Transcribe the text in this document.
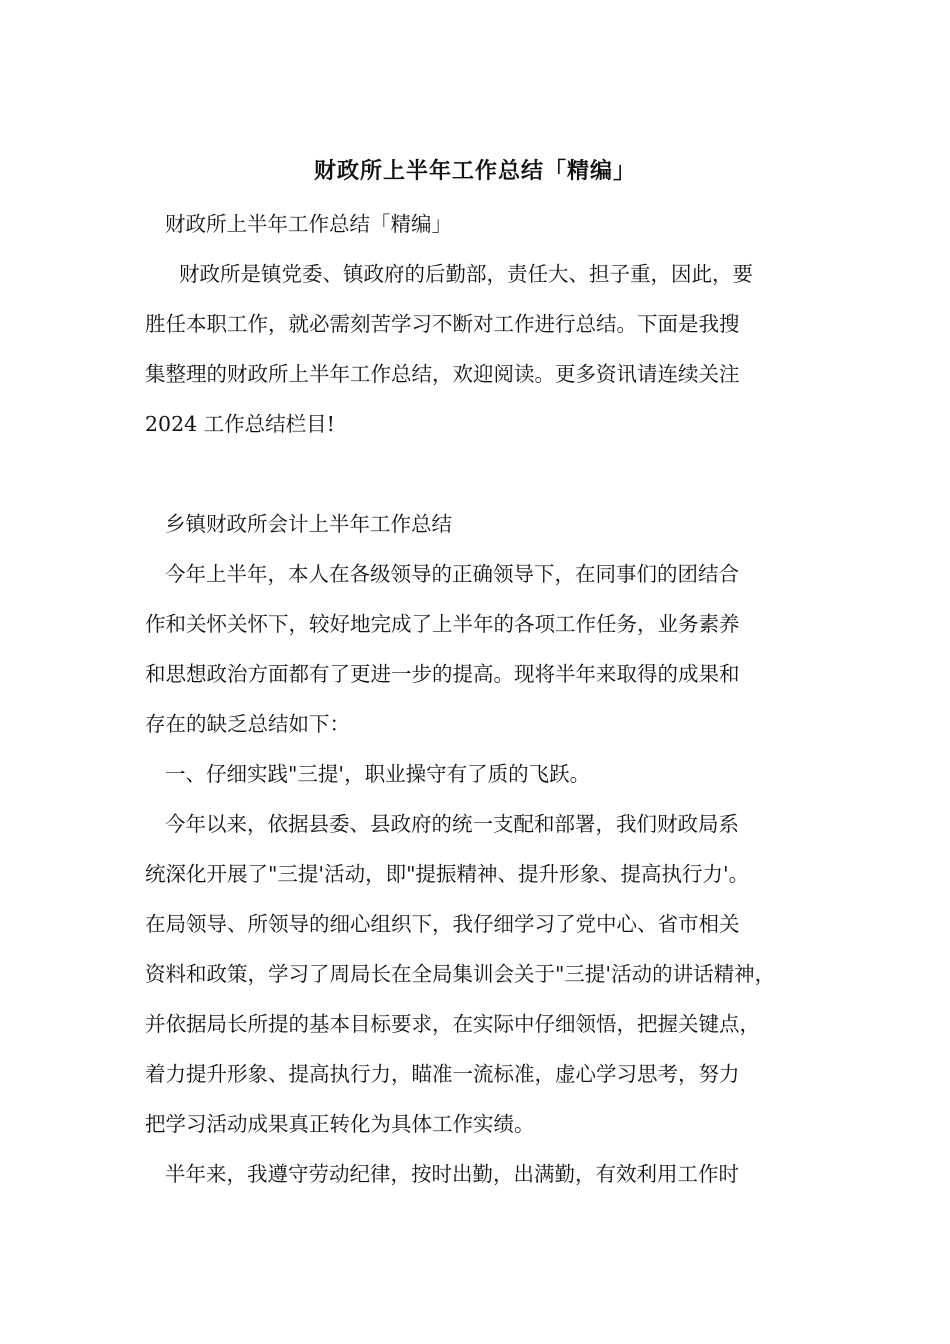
财政所上半年工作总结「精编」

财政所上半年工作总结「精编」

财政所是镇党委、镇政府的后勤部，责任大、担子重，因此，要

胜任本职工作，就必需刻苦学习不断对工作进行总结。下面是我搜

集整理的财政所上半年工作总结，欢迎阅读。更多资讯请连续关注

2024 工作总结栏目!

乡镇财政所会计上半年工作总结

今年上半年，本人在各级领导的正确领导下，在同事们的团结合

作和关怀关怀下，较好地完成了上半年的各项工作任务，业务素养

和思想政治方面都有了更进一步的提高。现将半年来取得的成果和

存在的缺乏总结如下：

一、仔细实践"三提'，职业操守有了质的飞跃。

今年以来，依据县委、县政府的统一支配和部署，我们财政局系

统深化开展了"三提'活动，即"提振精神、提升形象、提高执行力'。

在局领导、所领导的细心组织下，我仔细学习了党中心、省市相关

资料和政策，学习了周局长在全局集训会关于"三提'活动的讲话精神，

并依据局长所提的基本目标要求，在实际中仔细领悟，把握关键点，

着力提升形象、提高执行力，瞄准一流标准，虚心学习思考，努力

把学习活动成果真正转化为具体工作实绩。

半年来，我遵守劳动纪律，按时出勤，出满勤，有效利用工作时
